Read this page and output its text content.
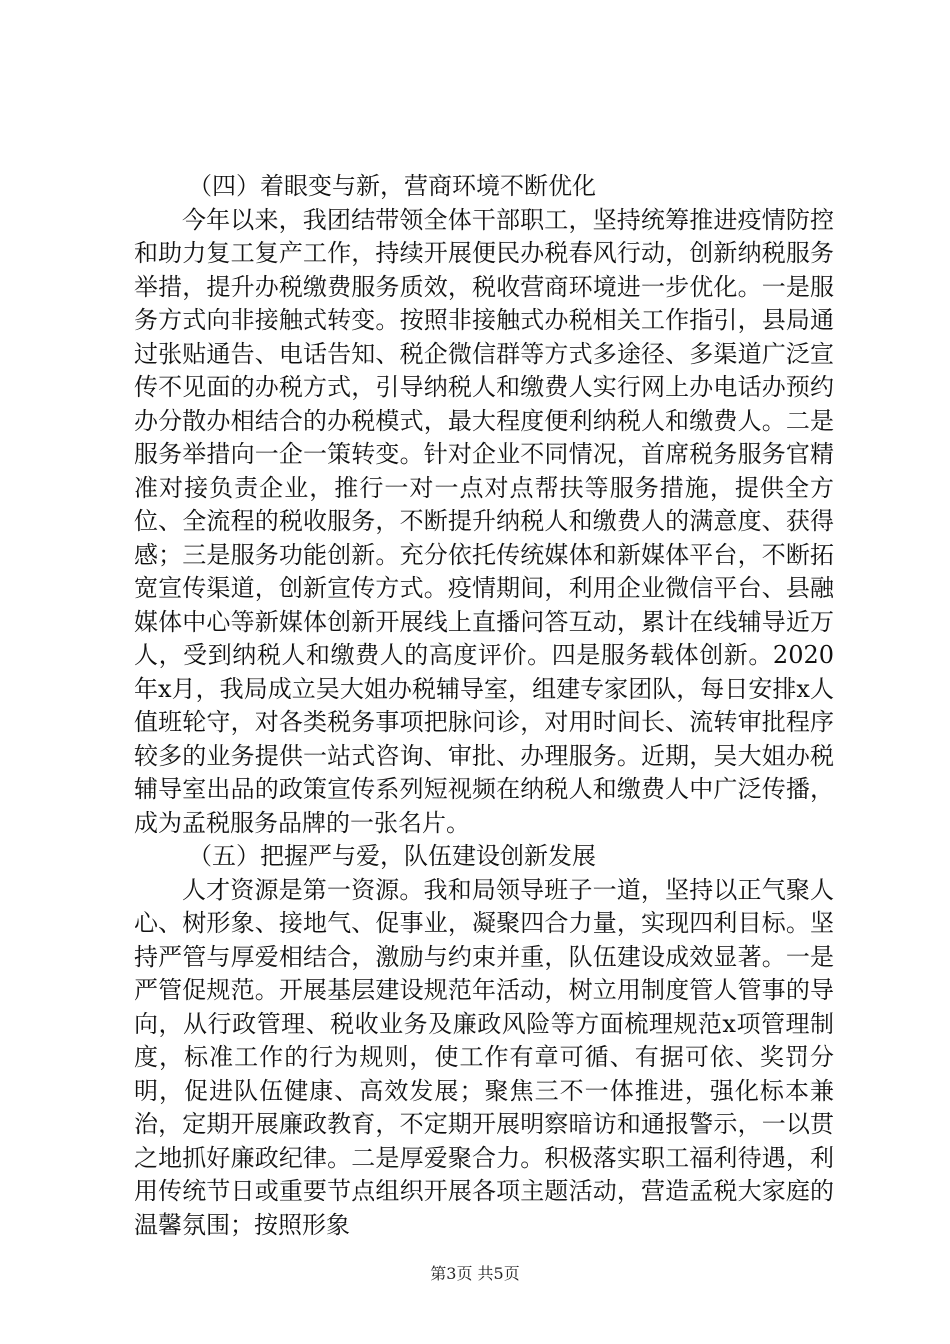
（四）着眼变与新，营商环境不断优化

今年以来，我团结带领全体干部职工，坚持统筹推进疫情防控和助力复工复产工作，持续开展便民办税春风行动，创新纳税服务举措，提升办税缴费服务质效，税收营商环境进一步优化。一是服务方式向非接触式转变。按照非接触式办税相关工作指引，县局通过张贴通告、电话告知、税企微信群等方式多途径、多渠道广泛宣传不见面的办税方式，引导纳税人和缴费人实行网上办电话办预约办分散办相结合的办税模式，最大程度便利纳税人和缴费人。二是服务举措向一企一策转变。针对企业不同情况，首席税务服务官精准对接负责企业，推行一对一点对点帮扶等服务措施，提供全方位、全流程的税收服务，不断提升纳税人和缴费人的满意度、获得感；三是服务功能创新。充分依托传统媒体和新媒体平台，不断拓宽宣传渠道，创新宣传方式。疫情期间，利用企业微信平台、县融媒体中心等新媒体创新开展线上直播问答互动，累计在线辅导近万人，受到纳税人和缴费人的高度评价。四是服务载体创新。2020年x月，我局成立吴大姐办税辅导室，组建专家团队，每日安排x人值班轮守，对各类税务事项把脉问诊，对用时间长、流转审批程序较多的业务提供一站式咨询、审批、办理服务。近期，吴大姐办税辅导室出品的政策宣传系列短视频在纳税人和缴费人中广泛传播，成为孟税服务品牌的一张名片。

（五）把握严与爱，队伍建设创新发展

人才资源是第一资源。我和局领导班子一道，坚持以正气聚人心、树形象、接地气、促事业，凝聚四合力量，实现四利目标。坚持严管与厚爱相结合，激励与约束并重，队伍建设成效显著。一是严管促规范。开展基层建设规范年活动，树立用制度管人管事的导向，从行政管理、税收业务及廉政风险等方面梳理规范x项管理制度，标准工作的行为规则，使工作有章可循、有据可依、奖罚分明，促进队伍健康、高效发展；聚焦三不一体推进，强化标本兼治，定期开展廉政教育，不定期开展明察暗访和通报警示，一以贯之地抓好廉政纪律。二是厚爱聚合力。积极落实职工福利待遇，利用传统节日或重要节点组织开展各项主题活动，营造孟税大家庭的温馨氛围；按照形象

第3页 共5页
